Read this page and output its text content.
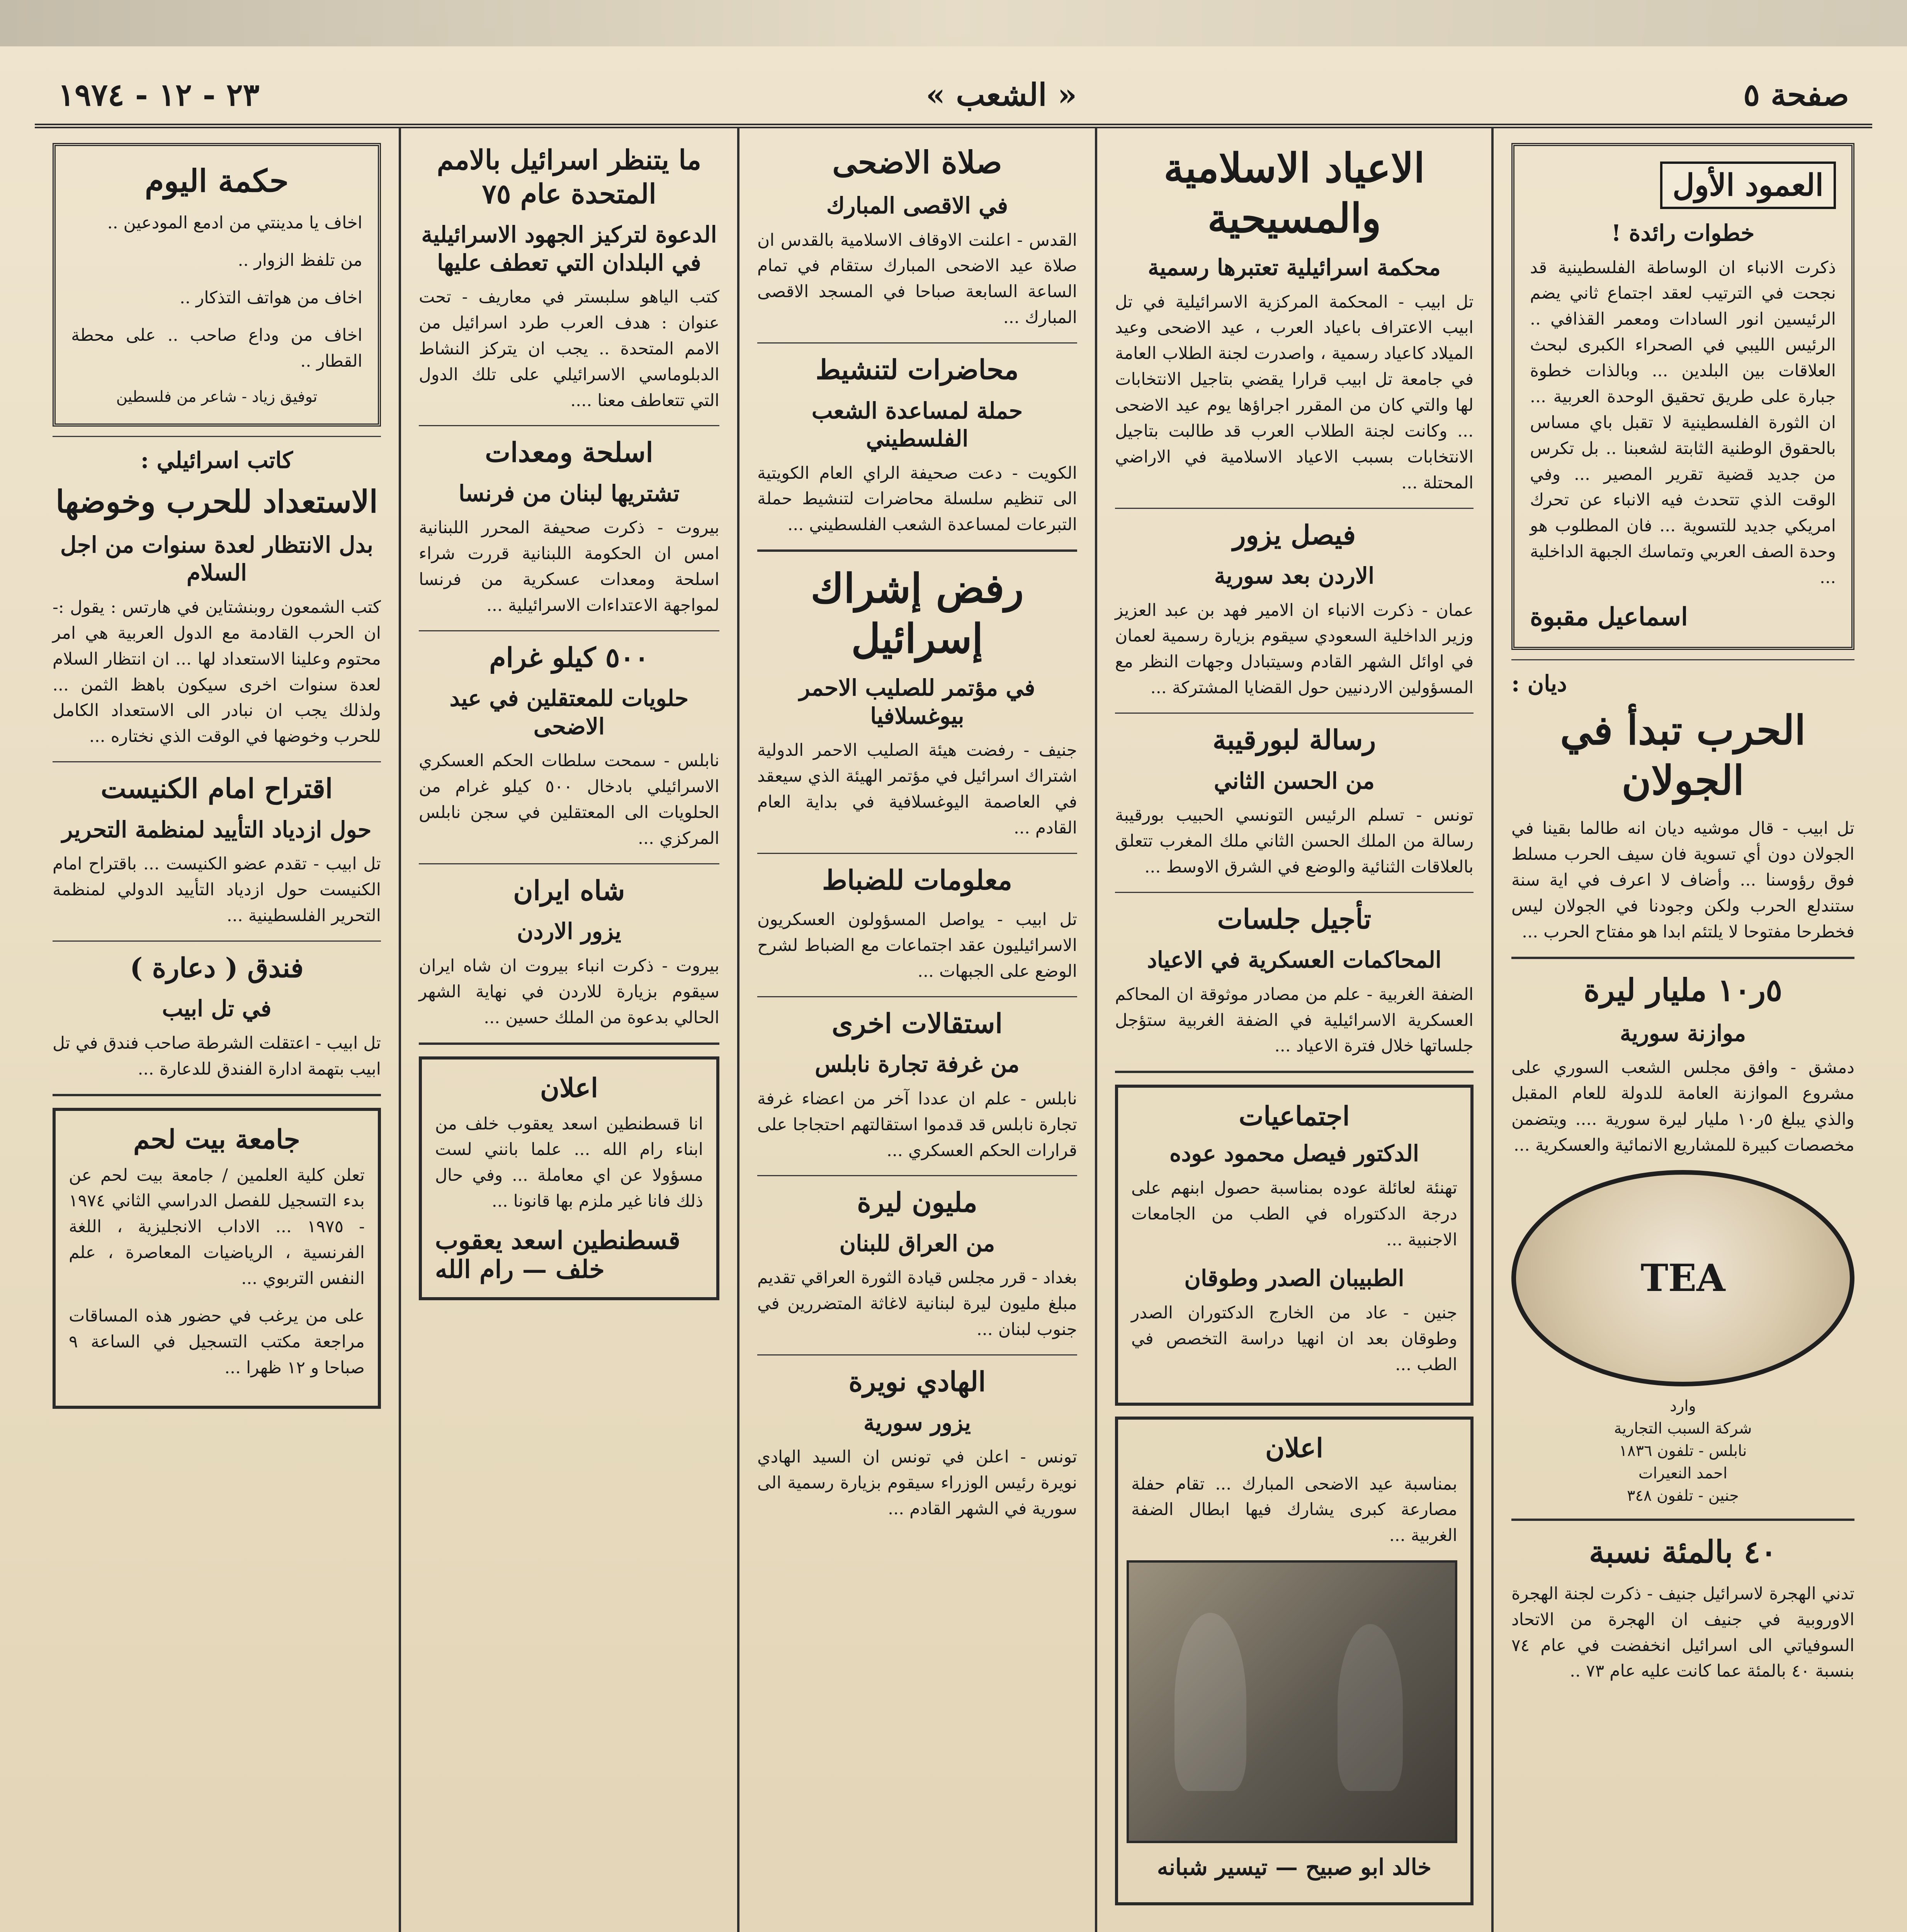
صفحة ٥
« الشعب »
٢٣ - ١٢ - ١٩٧٤
العمود الأول
خطوات رائدة !
ذكرت الانباء ان الوساطة الفلسطينية قد نجحت في الترتيب لعقد اجتماع ثاني يضم الرئيسين انور السادات ومعمر القذافي .. الرئيس الليبي في الصحراء الكبرى لبحث العلاقات بين البلدين ... وبالذات خطوة جبارة على طريق تحقيق الوحدة العربية ... ان الثورة الفلسطينية لا تقبل باي مساس بالحقوق الوطنية الثابتة لشعبنا .. بل تكرس من جديد قضية تقرير المصير ... وفي الوقت الذي تتحدث فيه الانباء عن تحرك امريكي جديد للتسوية ... فان المطلوب هو وحدة الصف العربي وتماسك الجبهة الداخلية ...
اسماعيل مقبوة
ديان :
الحرب تبدأ في الجولان
تل ابيب - قال موشيه ديان انه طالما بقينا في الجولان دون أي تسوية فان سيف الحرب مسلط فوق رؤوسنا ... وأضاف لا اعرف في اية سنة ستندلع الحرب ولكن وجودنا في الجولان ليس فخطرحا مفتوحا لا يلتئم ابدا هو مفتاح الحرب ...
٥ر١٠ مليار ليرة
موازنة سورية
دمشق - وافق مجلس الشعب السوري على مشروع الموازنة العامة للدولة للعام المقبل والذي يبلغ ٥ر١٠ مليار ليرة سورية .... ويتضمن مخصصات كبيرة للمشاريع الانمائية والعسكرية ...
TEA
وارد
شركة السبب التجارية
نابلس - تلفون ١٨٣٦
احمد النعيرات
جنين - تلفون ٣٤٨
٤٠ بالمئة نسبة
تدني الهجرة لاسرائيل جنيف - ذكرت لجنة الهجرة الاوروبية في جنيف ان الهجرة من الاتحاد السوفياتي الى اسرائيل انخفضت في عام ٧٤ بنسبة ٤٠ بالمئة عما كانت عليه عام ٧٣ ..
الاعياد الاسلامية والمسيحية
محكمة اسرائيلية تعتبرها رسمية
تل ابيب - المحكمة المركزية الاسرائيلية في تل ابيب الاعتراف باعياد العرب ، عيد الاضحى وعيد الميلاد كاعياد رسمية ، واصدرت لجنة الطلاب العامة في جامعة تل ابيب قرارا يقضي بتاجيل الانتخابات لها والتي كان من المقرر اجراؤها يوم عيد الاضحى ... وكانت لجنة الطلاب العرب قد طالبت بتاجيل الانتخابات بسبب الاعياد الاسلامية في الاراضي المحتلة ...
فيصل يزور
الاردن بعد سورية
عمان - ذكرت الانباء ان الامير فهد بن عبد العزيز وزير الداخلية السعودي سيقوم بزيارة رسمية لعمان في اوائل الشهر القادم وسيتبادل وجهات النظر مع المسؤولين الاردنيين حول القضايا المشتركة ...
رسالة لبورقيبة
من الحسن الثاني
تونس - تسلم الرئيس التونسي الحبيب بورقيبة رسالة من الملك الحسن الثاني ملك المغرب تتعلق بالعلاقات الثنائية والوضع في الشرق الاوسط ...
تأجيل جلسات
المحاكمات العسكرية في الاعياد
الضفة الغربية - علم من مصادر موثوقة ان المحاكم العسكرية الاسرائيلية في الضفة الغربية ستؤجل جلساتها خلال فترة الاعياد ...
اجتماعيات
الدكتور فيصل محمود عوده
تهنئة لعائلة عوده بمناسبة حصول ابنهم على درجة الدكتوراه في الطب من الجامعات الاجنبية ...
الطبيبان الصدر وطوقان
جنين - عاد من الخارج الدكتوران الصدر وطوقان بعد ان انهيا دراسة التخصص في الطب ...
اعلان
بمناسبة عيد الاضحى المبارك ... تقام حفلة مصارعة كبرى يشارك فيها ابطال الضفة الغربية ...
خالد ابو صبيح — تيسير شبانه
صلاة الاضحى
في الاقصى المبارك
القدس - اعلنت الاوقاف الاسلامية بالقدس ان صلاة عيد الاضحى المبارك ستقام في تمام الساعة السابعة صباحا في المسجد الاقصى المبارك ...
محاضرات لتنشيط
حملة لمساعدة الشعب الفلسطيني
الكويت - دعت صحيفة الراي العام الكويتية الى تنظيم سلسلة محاضرات لتنشيط حملة التبرعات لمساعدة الشعب الفلسطيني ...
رفض إشراك إسرائيل
في مؤتمر للصليب الاحمر بيوغسلافيا
جنيف - رفضت هيئة الصليب الاحمر الدولية اشتراك اسرائيل في مؤتمر الهيئة الذي سيعقد في العاصمة اليوغسلافية في بداية العام القادم ...
معلومات للضباط
تل ابيب - يواصل المسؤولون العسكريون الاسرائيليون عقد اجتماعات مع الضباط لشرح الوضع على الجبهات ...
استقالات اخرى
من غرفة تجارة نابلس
نابلس - علم ان عددا آخر من اعضاء غرفة تجارة نابلس قد قدموا استقالتهم احتجاجا على قرارات الحكم العسكري ...
مليون ليرة
من العراق للبنان
بغداد - قرر مجلس قيادة الثورة العراقي تقديم مبلغ مليون ليرة لبنانية لاغاثة المتضررين في جنوب لبنان ...
الهادي نويرة
يزور سورية
تونس - اعلن في تونس ان السيد الهادي نويرة رئيس الوزراء سيقوم بزيارة رسمية الى سورية في الشهر القادم ...
ما يتنظر اسرائيل بالامم المتحدة عام ٧٥
الدعوة لتركيز الجهود الاسرائيلية في البلدان التي تعطف عليها
كتب الياهو سلبستر في معاريف - تحت عنوان : هدف العرب طرد اسرائيل من الامم المتحدة .. يجب ان يتركز النشاط الدبلوماسي الاسرائيلي على تلك الدول التي تتعاطف معنا ....
اسلحة ومعدات
تشتريها لبنان من فرنسا
بيروت - ذكرت صحيفة المحرر اللبنانية امس ان الحكومة اللبنانية قررت شراء اسلحة ومعدات عسكرية من فرنسا لمواجهة الاعتداءات الاسرائيلية ...
٥٠٠ كيلو غرام
حلويات للمعتقلين في عيد الاضحى
نابلس - سمحت سلطات الحكم العسكري الاسرائيلي بادخال ٥٠٠ كيلو غرام من الحلويات الى المعتقلين في سجن نابلس المركزي ...
شاه ايران
يزور الاردن
بيروت - ذكرت انباء بيروت ان شاه ايران سيقوم بزيارة للاردن في نهاية الشهر الحالي بدعوة من الملك حسين ...
اعلان
انا قسطنطين اسعد يعقوب خلف من ابناء رام الله ... علما بانني لست مسؤولا عن اي معاملة ... وفي حال ذلك فانا غير ملزم بها قانونا ...
قسطنطين اسعد يعقوب خلف — رام الله
حكمة اليوم
اخاف يا مدينتي من ادمع المودعين ..
من تلفظ الزوار ..
اخاف من هواتف التذكار ..
اخاف من وداع صاحب .. على محطة القطار ..
توفيق زياد - شاعر من فلسطين
كاتب اسرائيلي :
الاستعداد للحرب وخوضها
بدل الانتظار لعدة سنوات من اجل السلام
كتب الشمعون روبنشتاين في هارتس : يقول :- ان الحرب القادمة مع الدول العربية هي امر محتوم وعلينا الاستعداد لها ... ان انتظار السلام لعدة سنوات اخرى سيكون باهظ الثمن ... ولذلك يجب ان نبادر الى الاستعداد الكامل للحرب وخوضها في الوقت الذي نختاره ...
اقتراح امام الكنيست
حول ازدياد التأييد لمنظمة التحرير
تل ابيب - تقدم عضو الكنيست ... باقتراح امام الكنيست حول ازدياد التأييد الدولي لمنظمة التحرير الفلسطينية ...
فندق ( دعارة )
في تل ابيب
تل ابيب - اعتقلت الشرطة صاحب فندق في تل ابيب بتهمة ادارة الفندق للدعارة ...
جامعة بيت لحم
تعلن كلية العلمين / جامعة بيت لحم عن بدء التسجيل للفصل الدراسي الثاني ١٩٧٤ - ١٩٧٥ ... الاداب الانجليزية ، اللغة الفرنسية ، الرياضيات المعاصرة ، علم النفس التربوي ...
على من يرغب في حضور هذه المساقات مراجعة مكتب التسجيل في الساعة ٩ صباحا و ١٢ ظهرا ...
